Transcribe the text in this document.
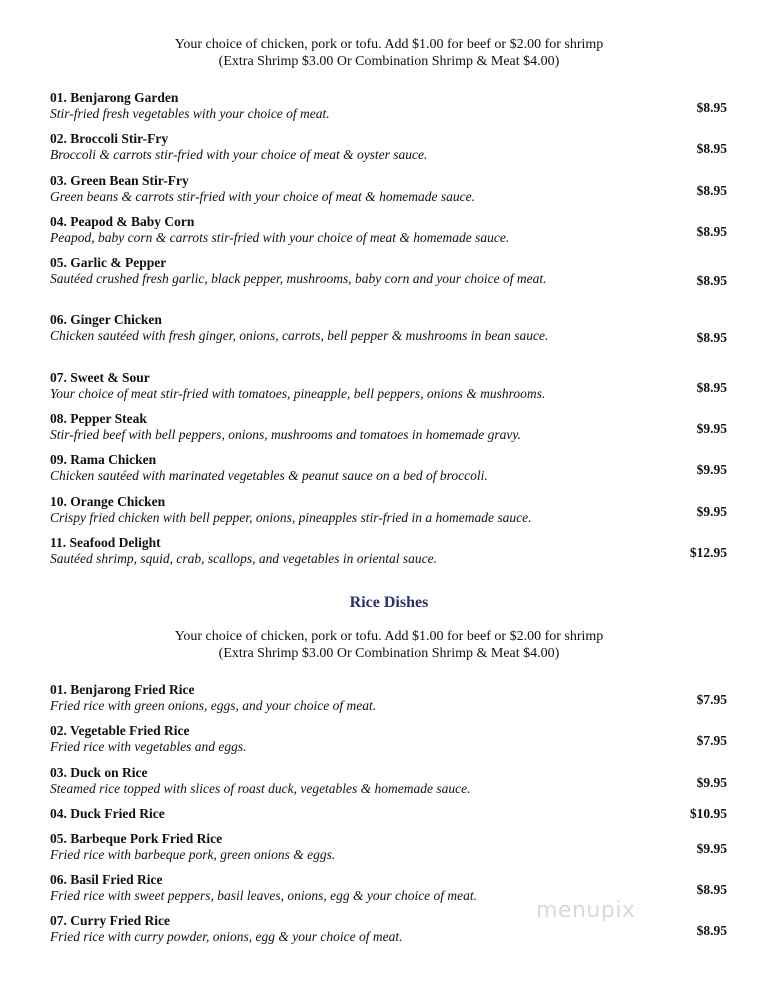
Your choice of chicken, pork or tofu. Add $1.00 for beef or $2.00 for shrimp
(Extra Shrimp $3.00 Or Combination Shrimp & Meat $4.00)
01. Benjarong Garden
Stir-fried fresh vegetables with your choice of meat.	$8.95
02. Broccoli Stir-Fry
Broccoli & carrots stir-fried with your choice of meat & oyster sauce.	$8.95
03. Green Bean Stir-Fry
Green beans & carrots stir-fried with your choice of meat & homemade sauce.	$8.95
04. Peapod & Baby Corn
Peapod, baby corn & carrots stir-fried with your choice of meat & homemade sauce.	$8.95
05. Garlic & Pepper
Sautéed crushed fresh garlic, black pepper, mushrooms, baby corn and your choice of meat.	$8.95
06. Ginger Chicken
Chicken sautéed with fresh ginger, onions, carrots, bell pepper & mushrooms in bean sauce.	$8.95
07. Sweet & Sour
Your choice of meat stir-fried with tomatoes, pineapple, bell peppers, onions & mushrooms.	$8.95
08. Pepper Steak
Stir-fried beef with bell peppers, onions, mushrooms and tomatoes in homemade gravy.	$9.95
09. Rama Chicken
Chicken sautéed with marinated vegetables & peanut sauce on a bed of broccoli.	$9.95
10. Orange Chicken
Crispy fried chicken with bell pepper, onions, pineapples stir-fried in a homemade sauce.	$9.95
11. Seafood Delight
Sautéed shrimp, squid, crab, scallops, and vegetables in oriental sauce.	$12.95
Rice Dishes
Your choice of chicken, pork or tofu. Add $1.00 for beef or $2.00 for shrimp
(Extra Shrimp $3.00 Or Combination Shrimp & Meat $4.00)
01. Benjarong Fried Rice
Fried rice with green onions, eggs, and your choice of meat.	$7.95
02. Vegetable Fried Rice
Fried rice with vegetables and eggs.	$7.95
03. Duck on Rice
Steamed rice topped with slices of roast duck, vegetables & homemade sauce.	$9.95
04. Duck Fried Rice	$10.95
05. Barbeque Pork Fried Rice
Fried rice with barbeque pork, green onions & eggs.	$9.95
06. Basil Fried Rice
Fried rice with sweet peppers, basil leaves, onions, egg & your choice of meat.	$8.95
07. Curry Fried Rice
Fried rice with curry powder, onions, egg & your choice of meat.	$8.95
menupix
